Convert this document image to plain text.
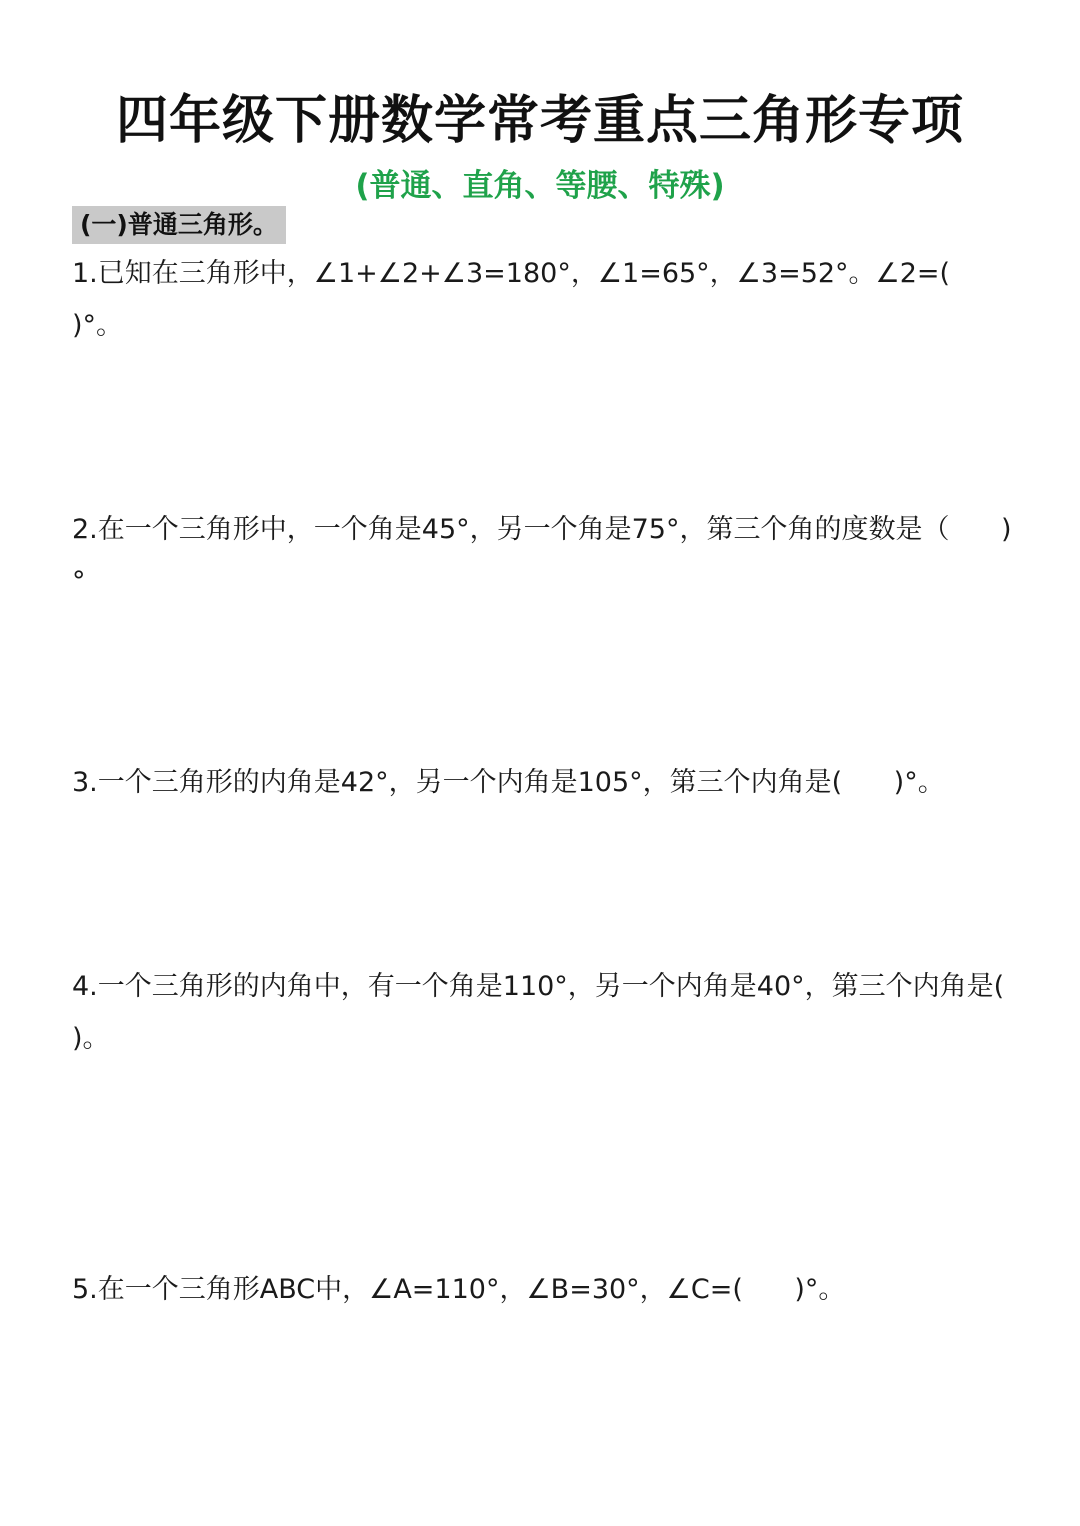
四年级下册数学常考重点三角形专项
(普通、直角、等腰、特殊)
(一)普通三角形。
1.已知在三角形中，∠1+∠2+∠3=180°，∠1=65°，∠3=52°。∠2=(      )°。
2.在一个三角形中，一个角是45°，另一个角是75°，第三个角的度数是（      )°
3.一个三角形的内角是42°，另一个内角是105°，第三个内角是(      )°。
4.一个三角形的内角中，有一个角是110°，另一个内角是40°，第三个内角是(      )。
5.在一个三角形ABC中，∠A=110°，∠B=30°，∠C=(      )°。
